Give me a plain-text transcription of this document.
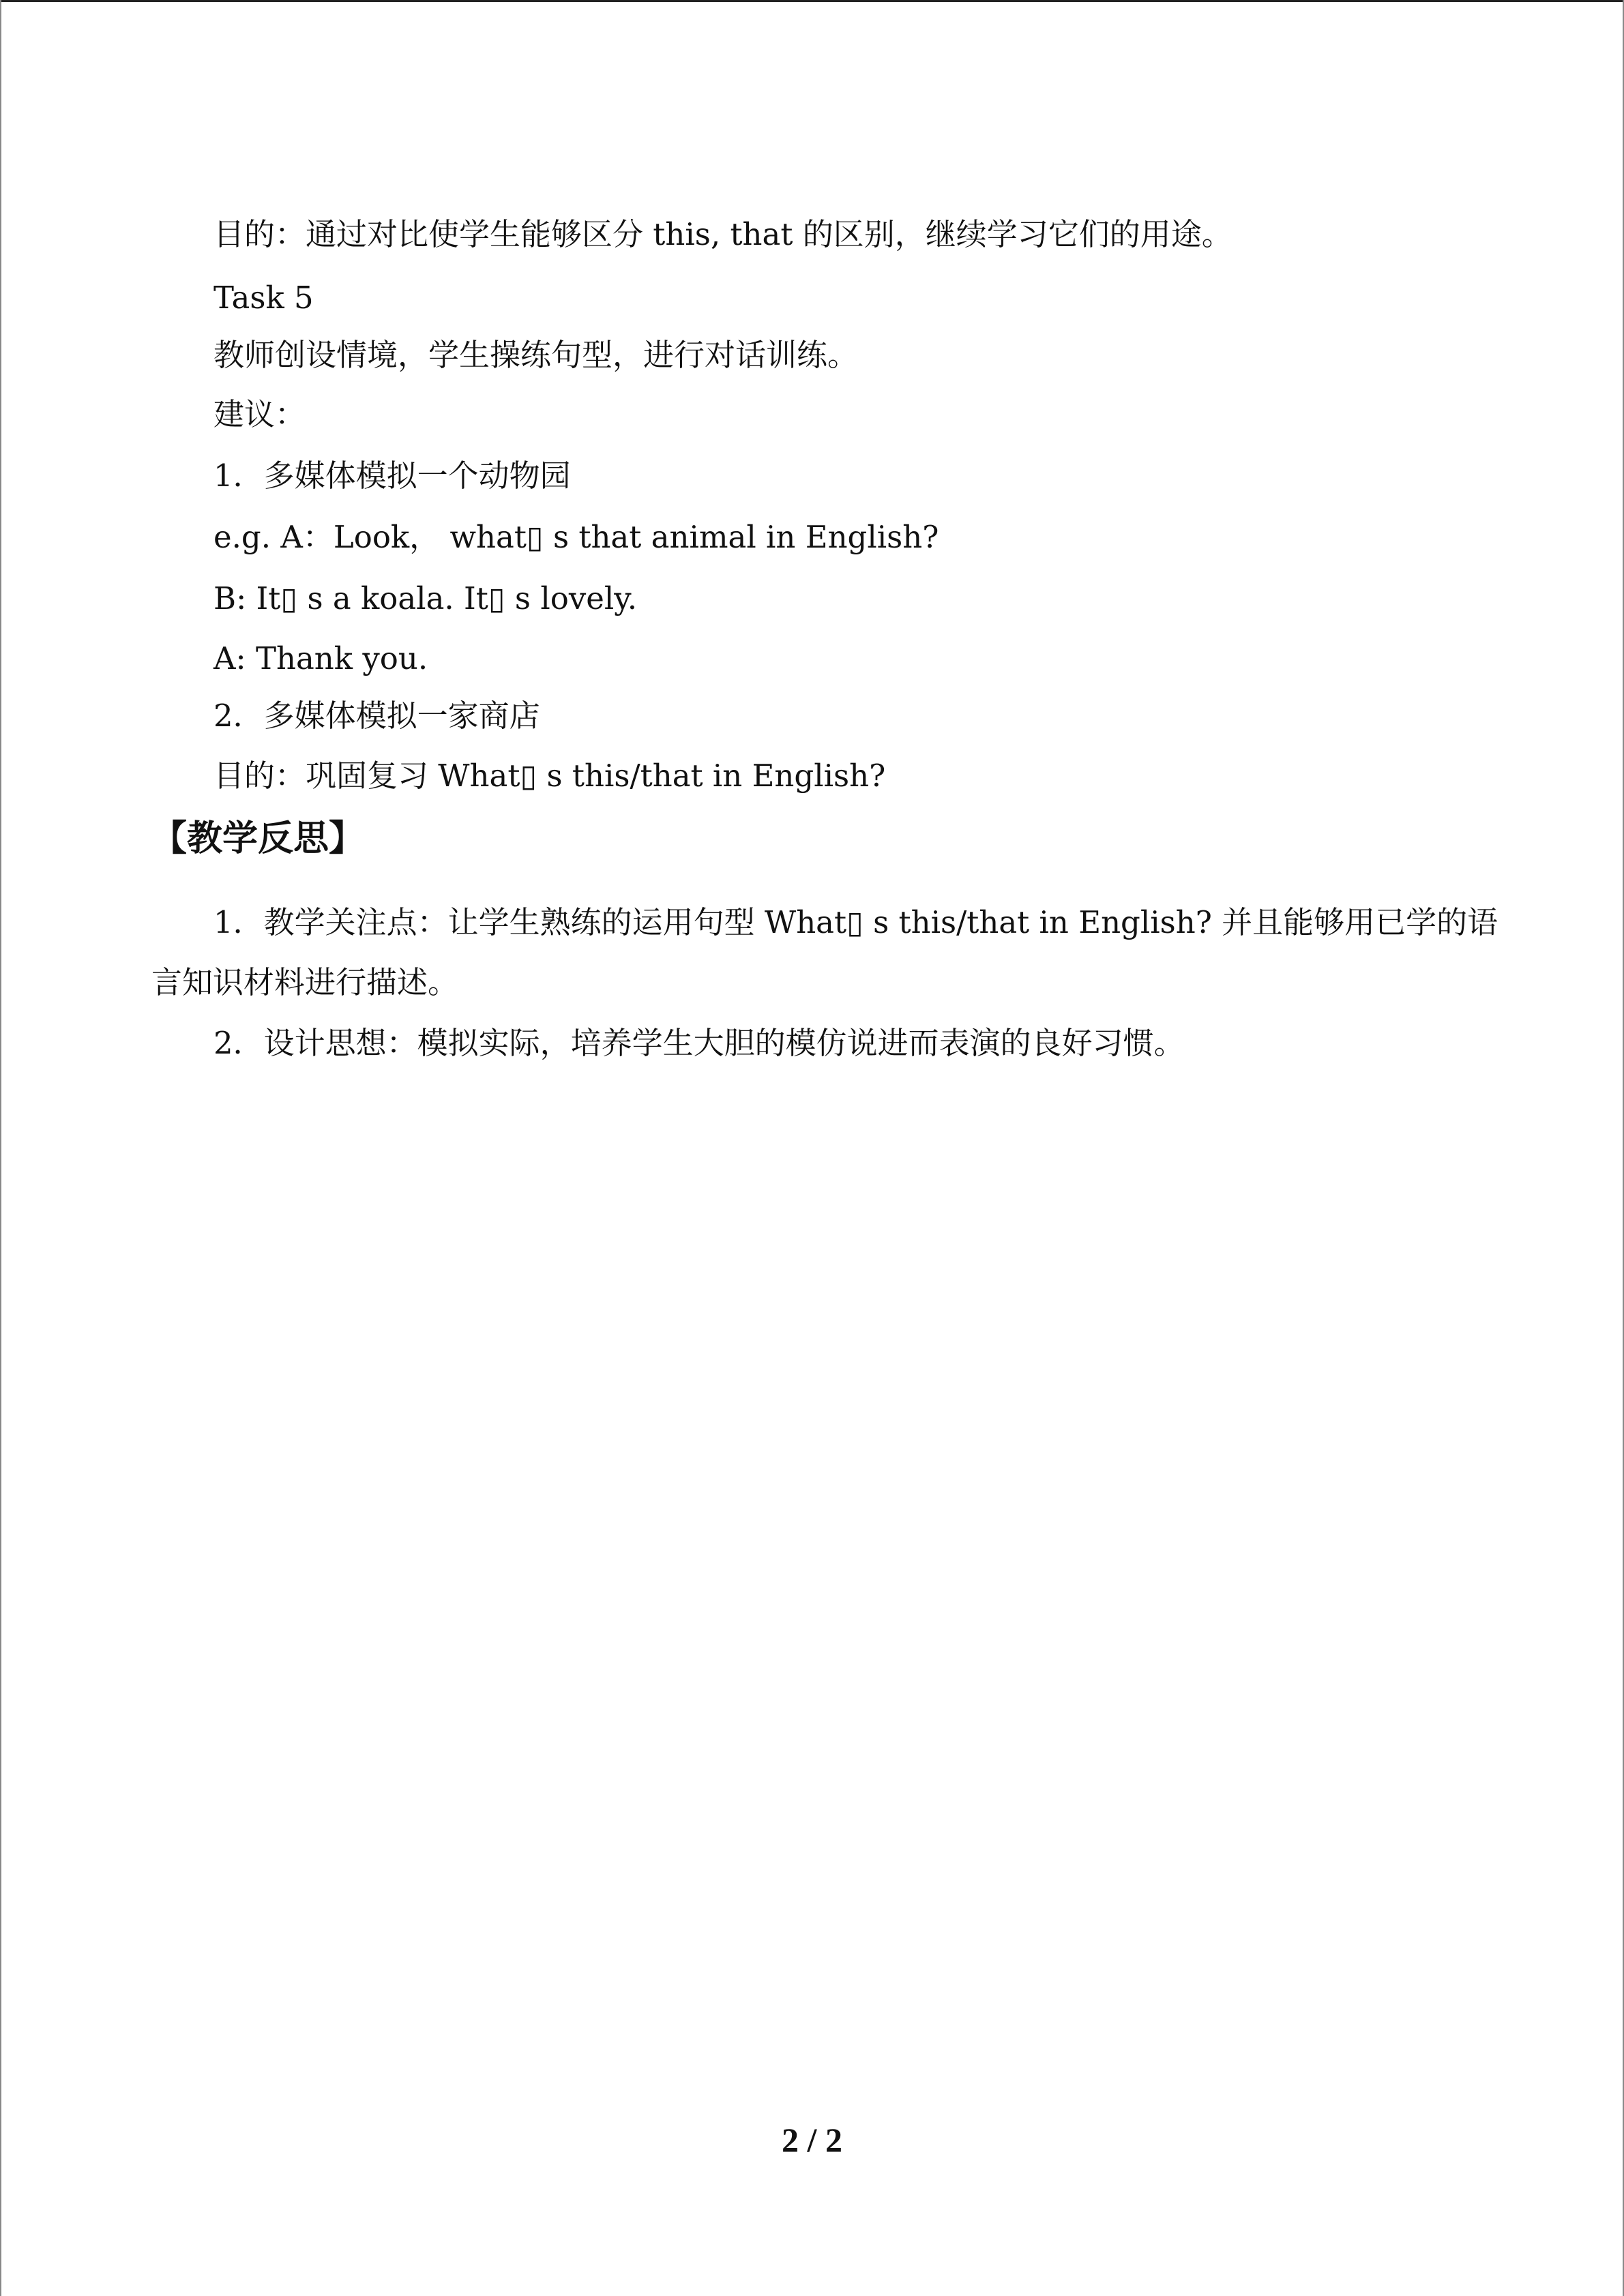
目的：通过对比使学生能够区分 this, that 的区别，继续学习它们的用途。
Task 5
教师创设情境，学生操练句型，进行对话训练。
建议：
1．多媒体模拟一个动物园
e.g. A：Look， what▯ s that animal in English?
B: It▯ s a koala. It▯ s lovely.
A: Thank you.
2．多媒体模拟一家商店
目的：巩固复习 What▯ s this/that in English?
【教学反思】
1．教学关注点：让学生熟练的运用句型 What▯ s this/that in English? 并且能够用已学的语
言知识材料进行描述。
2．设计思想：模拟实际，培养学生大胆的模仿说进而表演的良好习惯。
2 / 2
